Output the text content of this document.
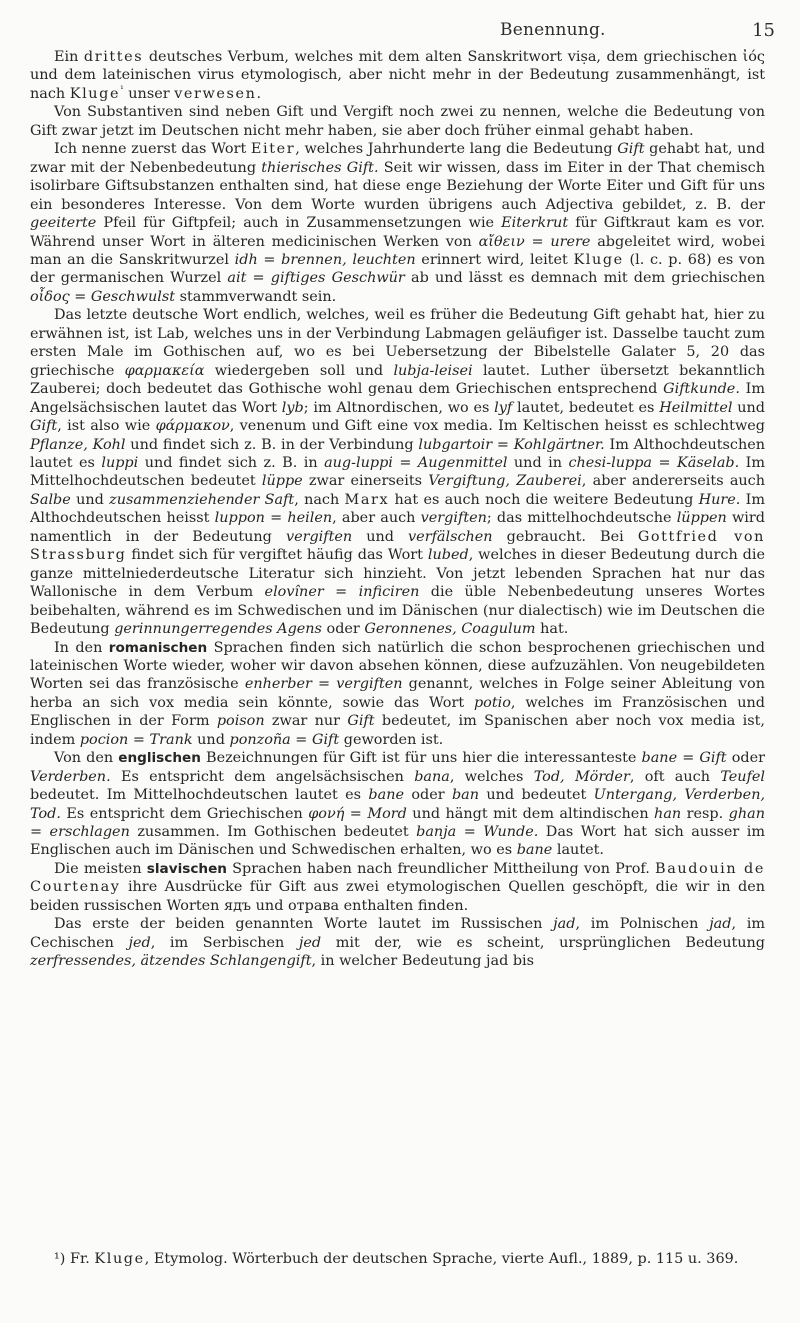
Benennung.	15

Ein drittes deutsches Verbum, welches mit dem alten Sanskritwort viṣa, dem griechischen ἰός und dem lateinischen virus etymologisch, aber nicht mehr in der Bedeutung zusammenhängt, ist nach Kluge$^{^1}$ unser verwesen.

Von Substantiven sind neben Gift und Vergift noch zwei zu nennen, welche die Bedeutung von Gift zwar jetzt im Deutschen nicht mehr haben, sie aber doch früher einmal gehabt haben.

Ich nenne zuerst das Wort Eiter, welches Jahrhunderte lang die Bedeutung Gift gehabt hat, und zwar mit der Nebenbedeutung thierisches Gift. Seit wir wissen, dass im Eiter in der That chemisch isolirbare Giftsubstanzen enthalten sind, hat diese enge Beziehung der Worte Eiter und Gift für uns ein besonderes Interesse. Von dem Worte wurden übrigens auch Adjectiva gebildet, z. B. der geeiterte Pfeil für Giftpfeil; auch in Zusammensetzungen wie Eiterkrut für Giftkraut kam es vor. Während unser Wort in älteren medicinischen Werken von αἴθειν = urere abgeleitet wird, wobei man an die Sanskritwurzel idh = brennen, leuchten erinnert wird, leitet Kluge (l. c. p. 68) es von der germanischen Wurzel ait = giftiges Geschwür ab und lässt es demnach mit dem griechischen οἶδος = Geschwulst stammverwandt sein.

Das letzte deutsche Wort endlich, welches, weil es früher die Bedeutung Gift gehabt hat, hier zu erwähnen ist, ist Lab, welches uns in der Verbindung Labmagen geläufiger ist. Dasselbe taucht zum ersten Male im Gothischen auf, wo es bei Uebersetzung der Bibelstelle Galater 5, 20 das griechische φαρμακεία wiedergeben soll und lubja-leisei lautet. Luther übersetzt bekanntlich Zauberei; doch bedeutet das Gothische wohl genau dem Griechischen entsprechend Giftkunde. Im Angelsächsischen lautet das Wort lyb; im Altnordischen, wo es lyf lautet, bedeutet es Heilmittel und Gift, ist also wie φάρμακον, venenum und Gift eine vox media. Im Keltischen heisst es schlechtweg Pflanze, Kohl und findet sich z. B. in der Verbindung lubgartoir = Kohlgärtner. Im Althochdeutschen lautet es luppi und findet sich z. B. in aug-luppi = Augenmittel und in chesi-luppa = Käselab. Im Mittelhochdeutschen bedeutet lüppe zwar einerseits Vergiftung, Zauberei, aber andererseits auch Salbe und zusammenziehender Saft, nach Marx hat es auch noch die weitere Bedeutung Hure. Im Althochdeutschen heisst luppon = heilen, aber auch vergiften; das mittelhochdeutsche lüppen wird namentlich in der Bedeutung vergiften und verfälschen gebraucht. Bei Gottfried von Strassburg findet sich für vergiftet häufig das Wort lubed, welches in dieser Bedeutung durch die ganze mittelniederdeutsche Literatur sich hinzieht. Von jetzt lebenden Sprachen hat nur das Wallonische in dem Verbum elovîner = inficiren die üble Nebenbedeutung unseres Wortes beibehalten, während es im Schwedischen und im Dänischen (nur dialectisch) wie im Deutschen die Bedeutung gerinnungerregendes Agens oder Geronnenes, Coagulum hat.

In den romanischen Sprachen finden sich natürlich die schon besprochenen griechischen und lateinischen Worte wieder, woher wir davon absehen können, diese aufzuzählen. Von neugebildeten Worten sei das französische enherber = vergiften genannt, welches in Folge seiner Ableitung von herba an sich vox media sein könnte, sowie das Wort potio, welches im Französischen und Englischen in der Form poison zwar nur Gift bedeutet, im Spanischen aber noch vox media ist, indem pocion = Trank und ponzoña = Gift geworden ist.

Von den englischen Bezeichnungen für Gift ist für uns hier die interessanteste bane = Gift oder Verderben. Es entspricht dem angelsächsischen bana, welches Tod, Mörder, oft auch Teufel bedeutet. Im Mittelhochdeutschen lautet es bane oder ban und bedeutet Untergang, Verderben, Tod. Es entspricht dem Griechischen φονή = Mord und hängt mit dem altindischen han resp. ghan = erschlagen zusammen. Im Gothischen bedeutet banja = Wunde. Das Wort hat sich ausser im Englischen auch im Dänischen und Schwedischen erhalten, wo es bane lautet.

Die meisten slavischen Sprachen haben nach freundlicher Mittheilung von Prof. Baudouin de Courtenay ihre Ausdrücke für Gift aus zwei etymologischen Quellen geschöpft, die wir in den beiden russischen Worten ядъ und отрава enthalten finden.

Das erste der beiden genannten Worte lautet im Russischen jad, im Polnischen jad, im Cechischen jed, im Serbischen jed mit der, wie es scheint, ursprünglichen Bedeutung zerfressendes, ätzendes Schlangengift, in welcher Bedeutung jad bis

¹) Fr. Kluge, Etymolog. Wörterbuch der deutschen Sprache, vierte Aufl., 1889, p. 115 u. 369.
